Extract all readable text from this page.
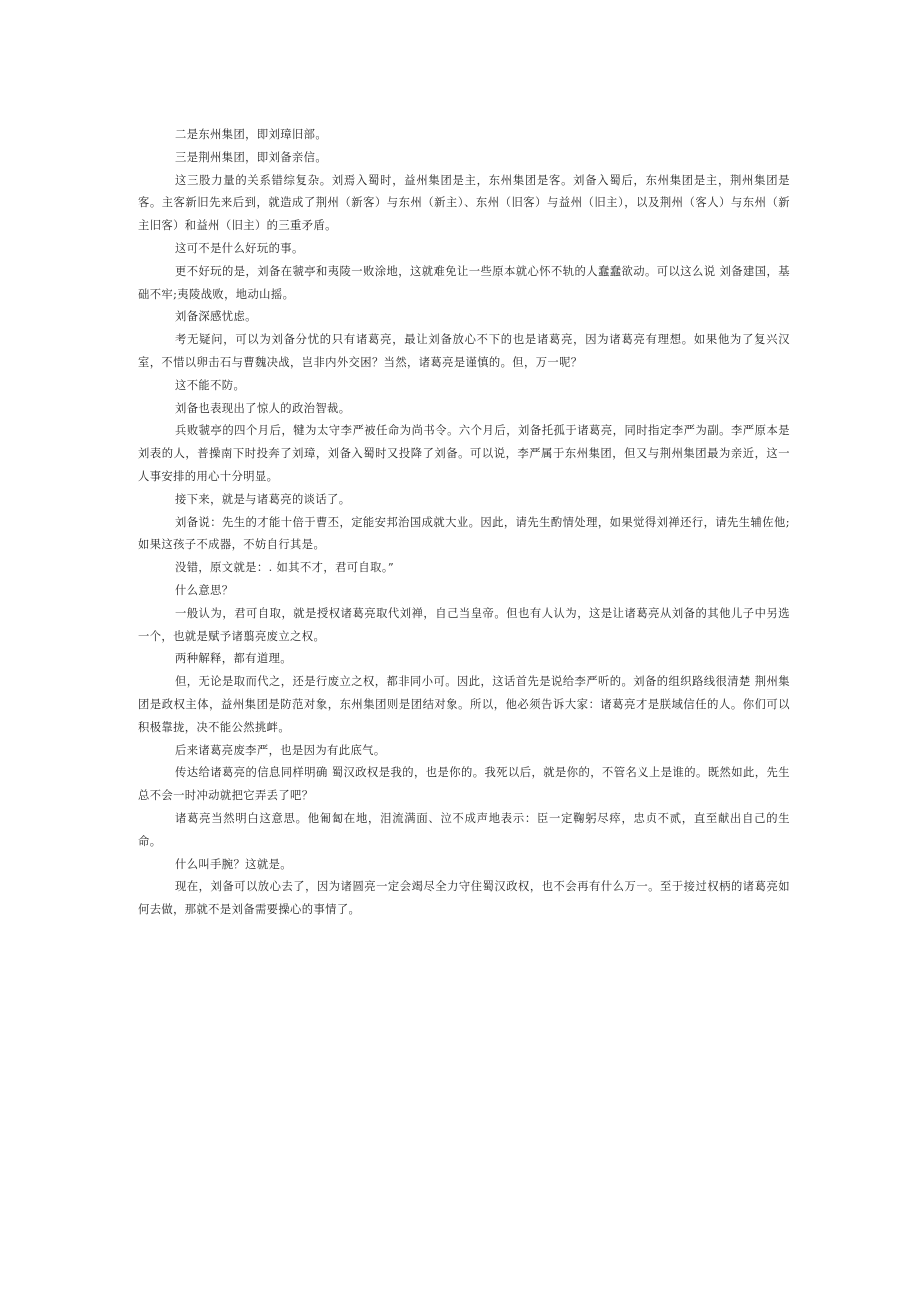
二是东州集团，即刘璋旧部。

三是荆州集团，即刘备亲信。

这三股力量的关系错综复杂。刘焉入蜀时，益州集团是主，东州集团是客。刘备入蜀后，东州集团是主，荆州集团是客。主客新旧先来后到，就造成了荆州（新客）与东州（新主）、东州（旧客）与益州（旧主），以及荆州（客人）与东州（新主旧客）和益州（旧主）的三重矛盾。

这可不是什么好玩的事。

更不好玩的是，刘备在虢亭和夷陵一败涂地，这就难免让一些原本就心怀不轨的人蠢蠢欲动。可以这么说 刘备建国，基础不牢;夷陵战败，地动山摇。

刘备深感忧虑。

考无疑问，可以为刘备分忧的只有诸葛亮，最让刘备放心不下的也是诸葛亮，因为诸葛亮有理想。如果他为了复兴汉室，不惜以卵击石与曹魏决战，岂非内外交困？当然，诸葛亮是谨慎的。但，万一呢？

这不能不防。

刘备也表现出了惊人的政治智裁。

兵败虢亭的四个月后，犍为太守李严被任命为尚书令。六个月后，刘备托孤于诸葛亮，同时指定李严为副。李严原本是刘表的人，普操南下时投奔了刘璋，刘备入蜀时又投降了刘备。可以说，李严属于东州集团，但又与荆州集团最为亲近，这一人事安排的用心十分明显。

接下来，就是与诸葛亮的谈话了。

刘备说：先生的才能十倍于曹丕，定能安邦治国成就大业。因此，请先生酌情处理，如果觉得刘禅还行，请先生辅佐他;如果这孩子不成器，不妨自行其是。

没错，原文就是：. 如其不才，君可自取。”

什么意思？

一般认为，君可自取，就是授权诸葛亮取代刘禅，自己当皇帝。但也有人认为，这是让诸葛亮从刘备的其他儿子中另选一个，也就是赋予诸翦亮废立之权。

两种解释，都有道理。

但，无论是取而代之，还是行废立之权，都非同小可。因此，这话首先是说给李严听的。刘备的组织路线很清楚 荆州集团是政权主体，益州集团是防范对象，东州集团则是团结对象。所以，他必须告诉大家：诸葛亮才是朕域信任的人。你们可以积极靠拢，决不能公然挑衅。

后来诸葛亮废李严，也是因为有此底气。

传达给诸葛亮的信息同样明确 蜀汉政权是我的，也是你的。我死以后，就是你的，不管名义上是谁的。既然如此，先生总不会一时冲动就把它弄丢了吧？

诸葛亮当然明白这意思。他匍匐在地，泪流满面、泣不成声地表示：臣一定鞠躬尽瘁，忠贞不贰，直至献出自己的生命。

什么叫手腕？这就是。

现在，刘备可以放心去了，因为诸圆亮一定会竭尽全力守住蜀汉政权，也不会再有什么万一。至于接过权柄的诸葛亮如何去做，那就不是刘备需要操心的事情了。
